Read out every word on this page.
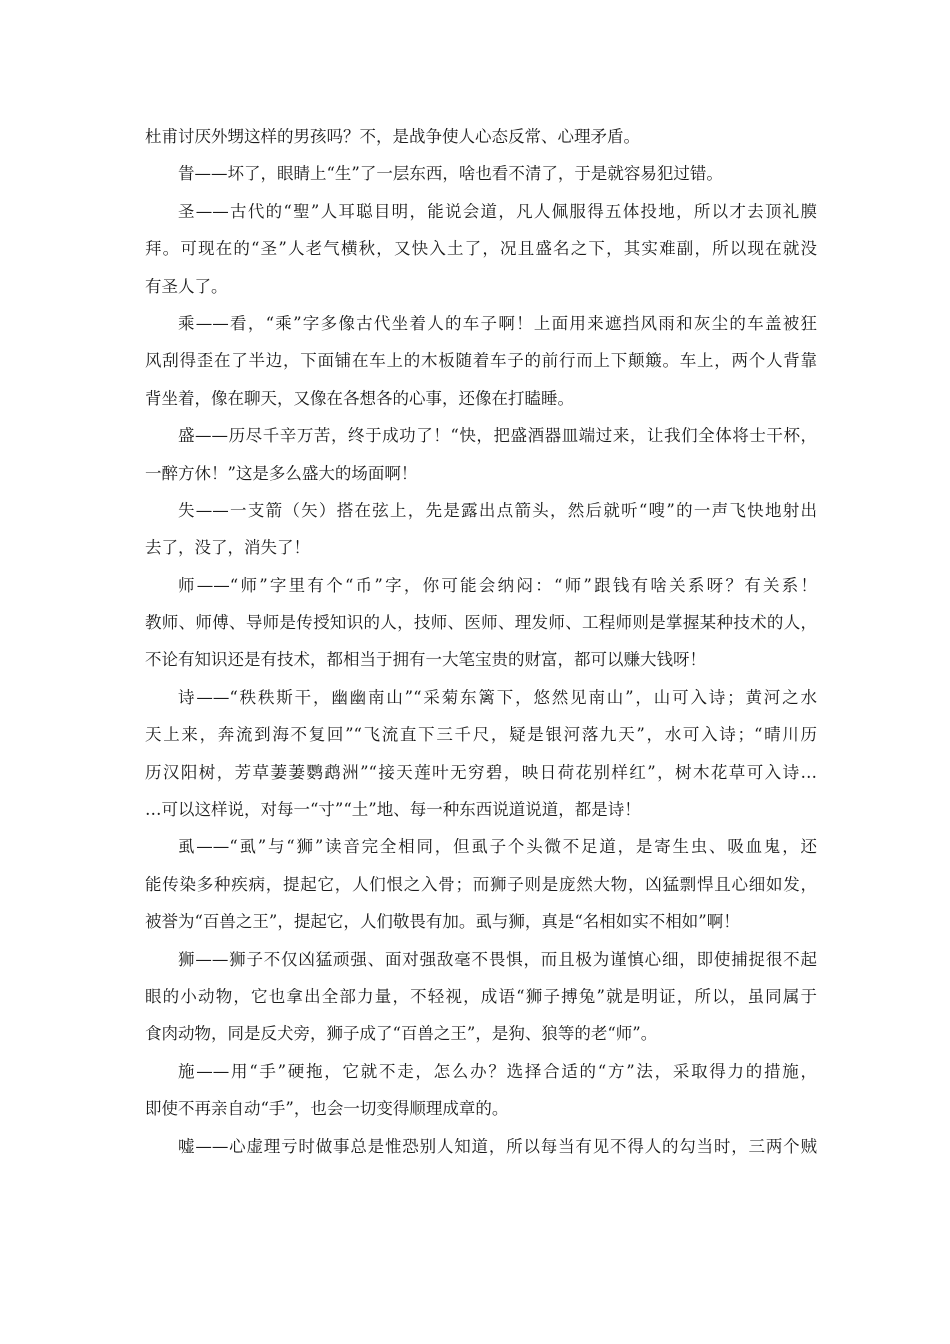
杜甫讨厌外甥这样的男孩吗？不，是战争使人心态反常、心理矛盾。
眚——坏了，眼睛上“生”了一层东西，啥也看不清了，于是就容易犯过错。
圣——古代的“聖”人耳聪目明，能说会道，凡人佩服得五体投地，所以才去顶礼膜
拜。可现在的“圣”人老气横秋，又快入土了，况且盛名之下，其实难副，所以现在就没
有圣人了。
乘——看，“乘”字多像古代坐着人的车子啊！上面用来遮挡风雨和灰尘的车盖被狂
风刮得歪在了半边，下面铺在车上的木板随着车子的前行而上下颠簸。车上，两个人背靠
背坐着，像在聊天，又像在各想各的心事，还像在打瞌睡。
盛——历尽千辛万苦，终于成功了！“快，把盛酒器皿端过来，让我们全体将士干杯，
一醉方休！”这是多么盛大的场面啊！
失——一支箭（矢）搭在弦上，先是露出点箭头，然后就听“嗖”的一声飞快地射出
去了，没了，消失了！
师——“师”字里有个“币”字，你可能会纳闷：“师”跟钱有啥关系呀？有关系！
教师、师傅、导师是传授知识的人，技师、医师、理发师、工程师则是掌握某种技术的人，
不论有知识还是有技术，都相当于拥有一大笔宝贵的财富，都可以赚大钱呀！
诗——“秩秩斯干，幽幽南山”“采菊东篱下，悠然见南山”，山可入诗；黄河之水
天上来，奔流到海不复回”“飞流直下三千尺，疑是银河落九天”，水可入诗；“晴川历
历汉阳树，芳草萋萋鹦鹉洲”“接天莲叶无穷碧，映日荷花别样红”，树木花草可入诗…
…可以这样说，对每一“寸”“土”地、每一种东西说道说道，都是诗！
虱——“虱”与“狮”读音完全相同，但虱子个头微不足道，是寄生虫、吸血鬼，还
能传染多种疾病，提起它，人们恨之入骨；而狮子则是庞然大物，凶猛剽悍且心细如发，
被誉为“百兽之王”，提起它，人们敬畏有加。虱与狮，真是“名相如实不相如”啊！
狮——狮子不仅凶猛顽强、面对强敌毫不畏惧，而且极为谨慎心细，即使捕捉很不起
眼的小动物，它也拿出全部力量，不轻视，成语“狮子搏兔”就是明证，所以，虽同属于
食肉动物，同是反犬旁，狮子成了“百兽之王”，是狗、狼等的老“师”。
施——用“手”硬拖，它就不走，怎么办？选择合适的“方”法，采取得力的措施，
即使不再亲自动“手”，也会一切变得顺理成章的。
嘘——心虚理亏时做事总是惟恐别人知道，所以每当有见不得人的勾当时，三两个贼
